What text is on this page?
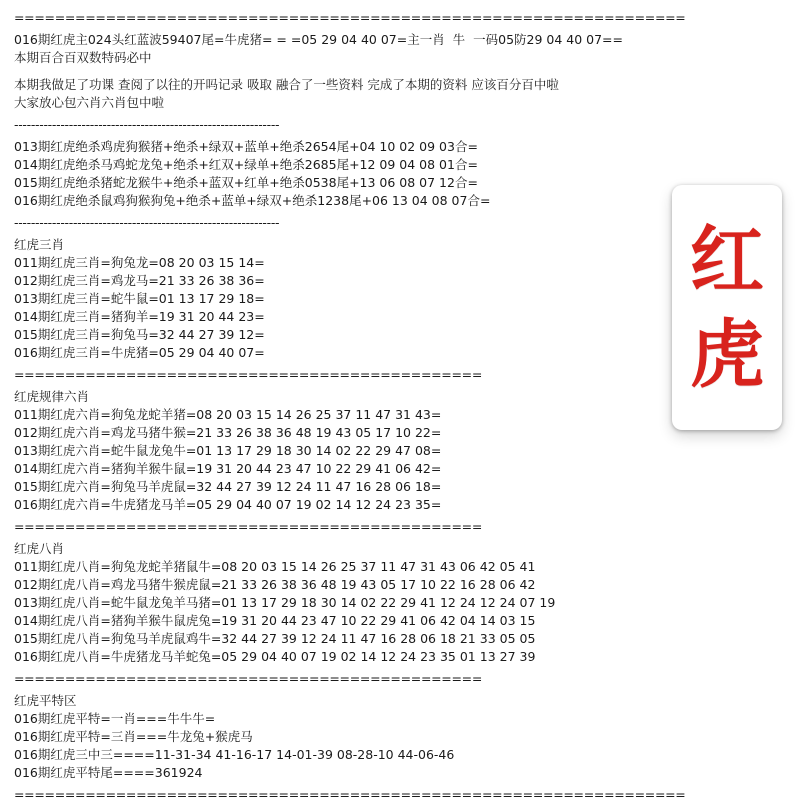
==================================================================
016期红虎主024头红蓝波59407尾=牛虎猪= = =05 29 04 40 07=主一肖  牛  一码05防29 04 40 07==
本期百合百双数特码必中
本期我做足了功课 查阅了以往的开吗记录 吸取 融合了一些资料 完成了本期的资料 应该百分百中啦
大家放心包六肖六肖包中啦
---------------------------------------------------------------
013期红虎绝杀鸡虎狗猴猪+绝杀+绿双+蓝单+绝杀2654尾+04 10 02 09 03合=
014期红虎绝杀马鸡蛇龙兔+绝杀+红双+绿单+绝杀2685尾+12 09 04 08 01合=
015期红虎绝杀猪蛇龙猴牛+绝杀+蓝双+红单+绝杀0538尾+13 06 08 07 12合=
016期红虎绝杀鼠鸡狗猴狗兔+绝杀+蓝单+绿双+绝杀1238尾+06 13 04 08 07合=
---------------------------------------------------------------
红虎三肖
011期红虎三肖=狗兔龙=08 20 03 15 14=
012期红虎三肖=鸡龙马=21 33 26 38 36=
013期红虎三肖=蛇牛鼠=01 13 17 29 18=
014期红虎三肖=猪狗羊=19 31 20 44 23=
015期红虎三肖=狗兔马=32 44 27 39 12=
016期红虎三肖=牛虎猪=05 29 04 40 07=
==============================================
红虎规律六肖
011期红虎六肖=狗兔龙蛇羊猪=08 20 03 15 14 26 25 37 11 47 31 43=
012期红虎六肖=鸡龙马猪牛猴=21 33 26 38 36 48 19 43 05 17 10 22=
013期红虎六肖=蛇牛鼠龙兔牛=01 13 17 29 18 30 14 02 22 29 47 08=
014期红虎六肖=猪狗羊猴牛鼠=19 31 20 44 23 47 10 22 29 41 06 42=
015期红虎六肖=狗兔马羊虎鼠=32 44 27 39 12 24 11 47 16 28 06 18=
016期红虎六肖=牛虎猪龙马羊=05 29 04 40 07 19 02 14 12 24 23 35=
==============================================
红虎八肖
011期红虎八肖=狗兔龙蛇羊猪鼠牛=08 20 03 15 14 26 25 37 11 47 31 43 06 42 05 41
012期红虎八肖=鸡龙马猪牛猴虎鼠=21 33 26 38 36 48 19 43 05 17 10 22 16 28 06 42
013期红虎八肖=蛇牛鼠龙兔羊马猪=01 13 17 29 18 30 14 02 22 29 41 12 24 12 24 07 19
014期红虎八肖=猪狗羊猴牛鼠虎兔=19 31 20 44 23 47 10 22 29 41 06 42 04 14 03 15
015期红虎八肖=狗兔马羊虎鼠鸡牛=32 44 27 39 12 24 11 47 16 28 06 18 21 33 05 05
016期红虎八肖=牛虎猪龙马羊蛇兔=05 29 04 40 07 19 02 14 12 24 23 35 01 13 27 39
==============================================
红虎平特区
016期红虎平特=一肖===牛牛牛=
016期红虎平特=三肖===牛龙兔+猴虎马
016期红虎三中三====11-31-34 41-16-17 14-01-39 08-28-10 44-06-46
016期红虎平特尾====361924
==================================================================
红
虎
